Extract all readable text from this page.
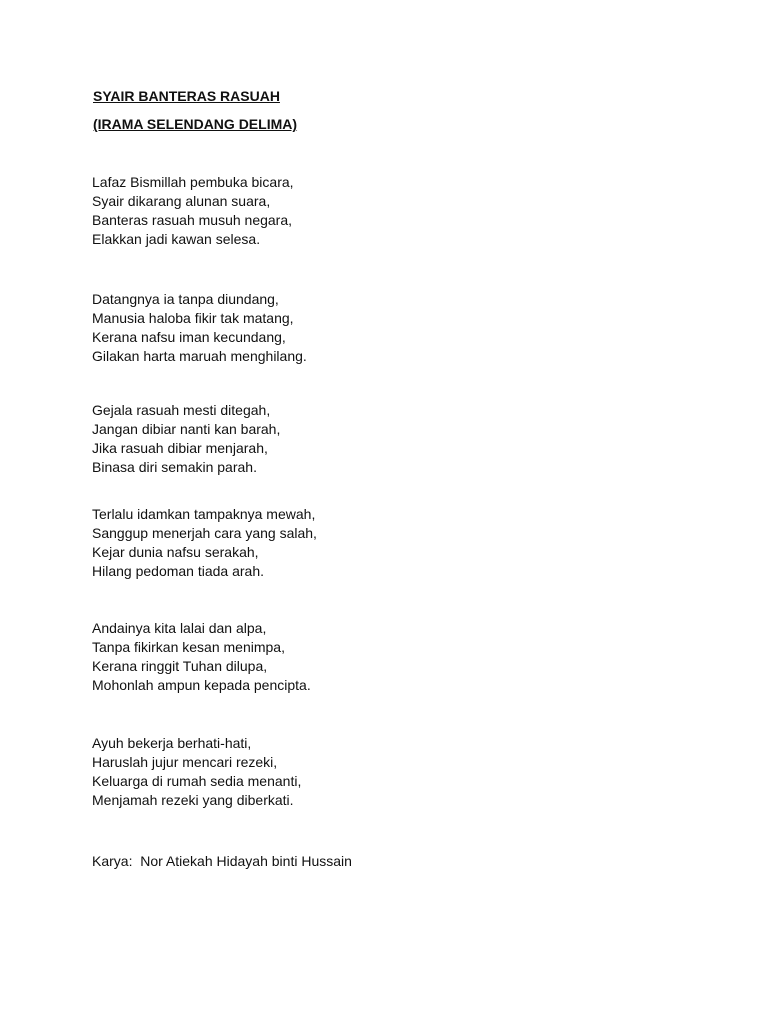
SYAIR BANTERAS RASUAH
(IRAMA SELENDANG DELIMA)
Lafaz Bismillah pembuka bicara,
Syair dikarang alunan suara,
Banteras rasuah musuh negara,
Elakkan jadi kawan selesa.
Datangnya ia tanpa diundang,
Manusia haloba fikir tak matang,
Kerana nafsu iman kecundang,
Gilakan harta maruah menghilang.
Gejala rasuah mesti ditegah,
Jangan dibiar nanti kan barah,
Jika rasuah dibiar menjarah,
Binasa diri semakin parah.
Terlalu idamkan tampaknya mewah,
Sanggup menerjah cara yang salah,
Kejar dunia nafsu serakah,
Hilang pedoman tiada arah.
Andainya kita lalai dan alpa,
Tanpa fikirkan kesan menimpa,
Kerana ringgit Tuhan dilupa,
Mohonlah ampun kepada pencipta.
Ayuh bekerja berhati-hati,
Haruslah jujur mencari rezeki,
Keluarga di rumah sedia menanti,
Menjamah rezeki yang diberkati.
Karya:  Nor Atiekah Hidayah binti Hussain
